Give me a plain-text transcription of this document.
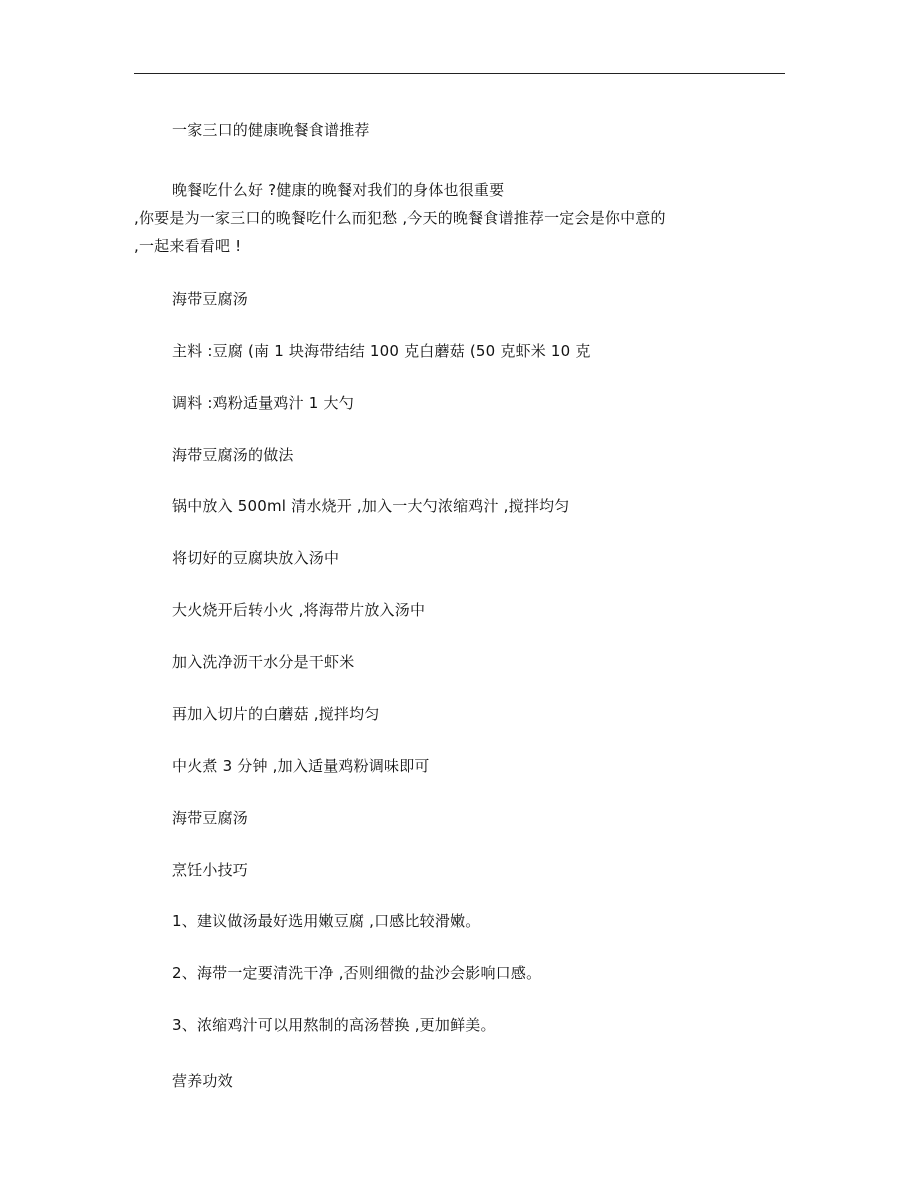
一家三口的健康晚餐食谱推荐
晚餐吃什么好 ?健康的晚餐对我们的身体也很重要
,你要是为一家三口的晚餐吃什么而犯愁 ,今天的晚餐食谱推荐一定会是你中意的
,一起来看看吧 !
海带豆腐汤
主料 :豆腐 (南 1 块海带结结 100 克白蘑菇 (50 克虾米 10 克
调料 :鸡粉适量鸡汁 1 大勺
海带豆腐汤的做法
锅中放入 500ml 清水烧开 ,加入一大勺浓缩鸡汁 ,搅拌均匀
将切好的豆腐块放入汤中
大火烧开后转小火 ,将海带片放入汤中
加入洗净沥干水分是干虾米
再加入切片的白蘑菇 ,搅拌均匀
中火煮 3 分钟 ,加入适量鸡粉调味即可
海带豆腐汤
烹饪小技巧
1、建议做汤最好选用嫩豆腐 ,口感比较滑嫩。
2、海带一定要清洗干净 ,否则细微的盐沙会影响口感。
3、浓缩鸡汁可以用熬制的高汤替换 ,更加鲜美。
营养功效
